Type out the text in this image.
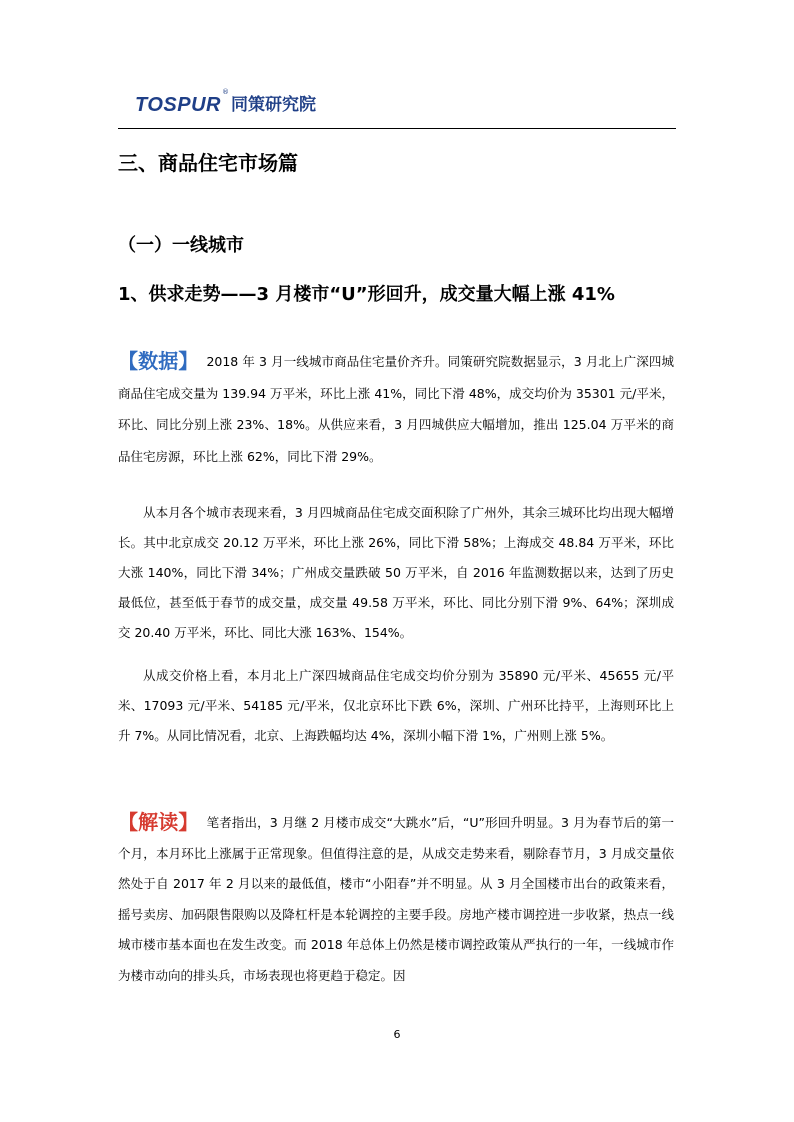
TOSPUR
®
同策研究院
三、商品住宅市场篇
（一）一线城市
1、供求走势——3 月楼市“U”形回升，成交量大幅上涨 41%

【数据】 2018 年 3 月一线城市商品住宅量价齐升。同策研究院数据显示，3 月北上广深四城商品住宅成交量为 139.94 万平米，环比上涨 41%，同比下滑 48%，成交均价为 35301 元/平米，环比、同比分别上涨 23%、18%。从供应来看，3 月四城供应大幅增加，推出 125.04 万平米的商品住宅房源，环比上涨 62%，同比下滑 29%。

从本月各个城市表现来看，3 月四城商品住宅成交面积除了广州外，其余三城环比均出现大幅增长。其中北京成交 20.12 万平米，环比上涨 26%，同比下滑 58%；上海成交 48.84 万平米，环比大涨 140%，同比下滑 34%；广州成交量跌破 50 万平米，自 2016 年监测数据以来，达到了历史最低位，甚至低于春节的成交量，成交量 49.58 万平米，环比、同比分别下滑 9%、64%；深圳成交 20.40 万平米，环比、同比大涨 163%、154%。

从成交价格上看，本月北上广深四城商品住宅成交均价分别为 35890 元/平米、45655 元/平米、17093 元/平米、54185 元/平米，仅北京环比下跌 6%，深圳、广州环比持平，上海则环比上升 7%。从同比情况看，北京、上海跌幅均达 4%，深圳小幅下滑 1%，广州则上涨 5%。

【解读】 笔者指出，3 月继 2 月楼市成交“大跳水”后，“U”形回升明显。3 月为春节后的第一个月，本月环比上涨属于正常现象。但值得注意的是，从成交走势来看，剔除春节月，3 月成交量依然处于自 2017 年 2 月以来的最低值，楼市“小阳春”并不明显。从 3 月全国楼市出台的政策来看，摇号卖房、加码限售限购以及降杠杆是本轮调控的主要手段。房地产楼市调控进一步收紧，热点一线城市楼市基本面也在发生改变。而 2018 年总体上仍然是楼市调控政策从严执行的一年，一线城市作为楼市动向的排头兵，市场表现也将更趋于稳定。因

6
